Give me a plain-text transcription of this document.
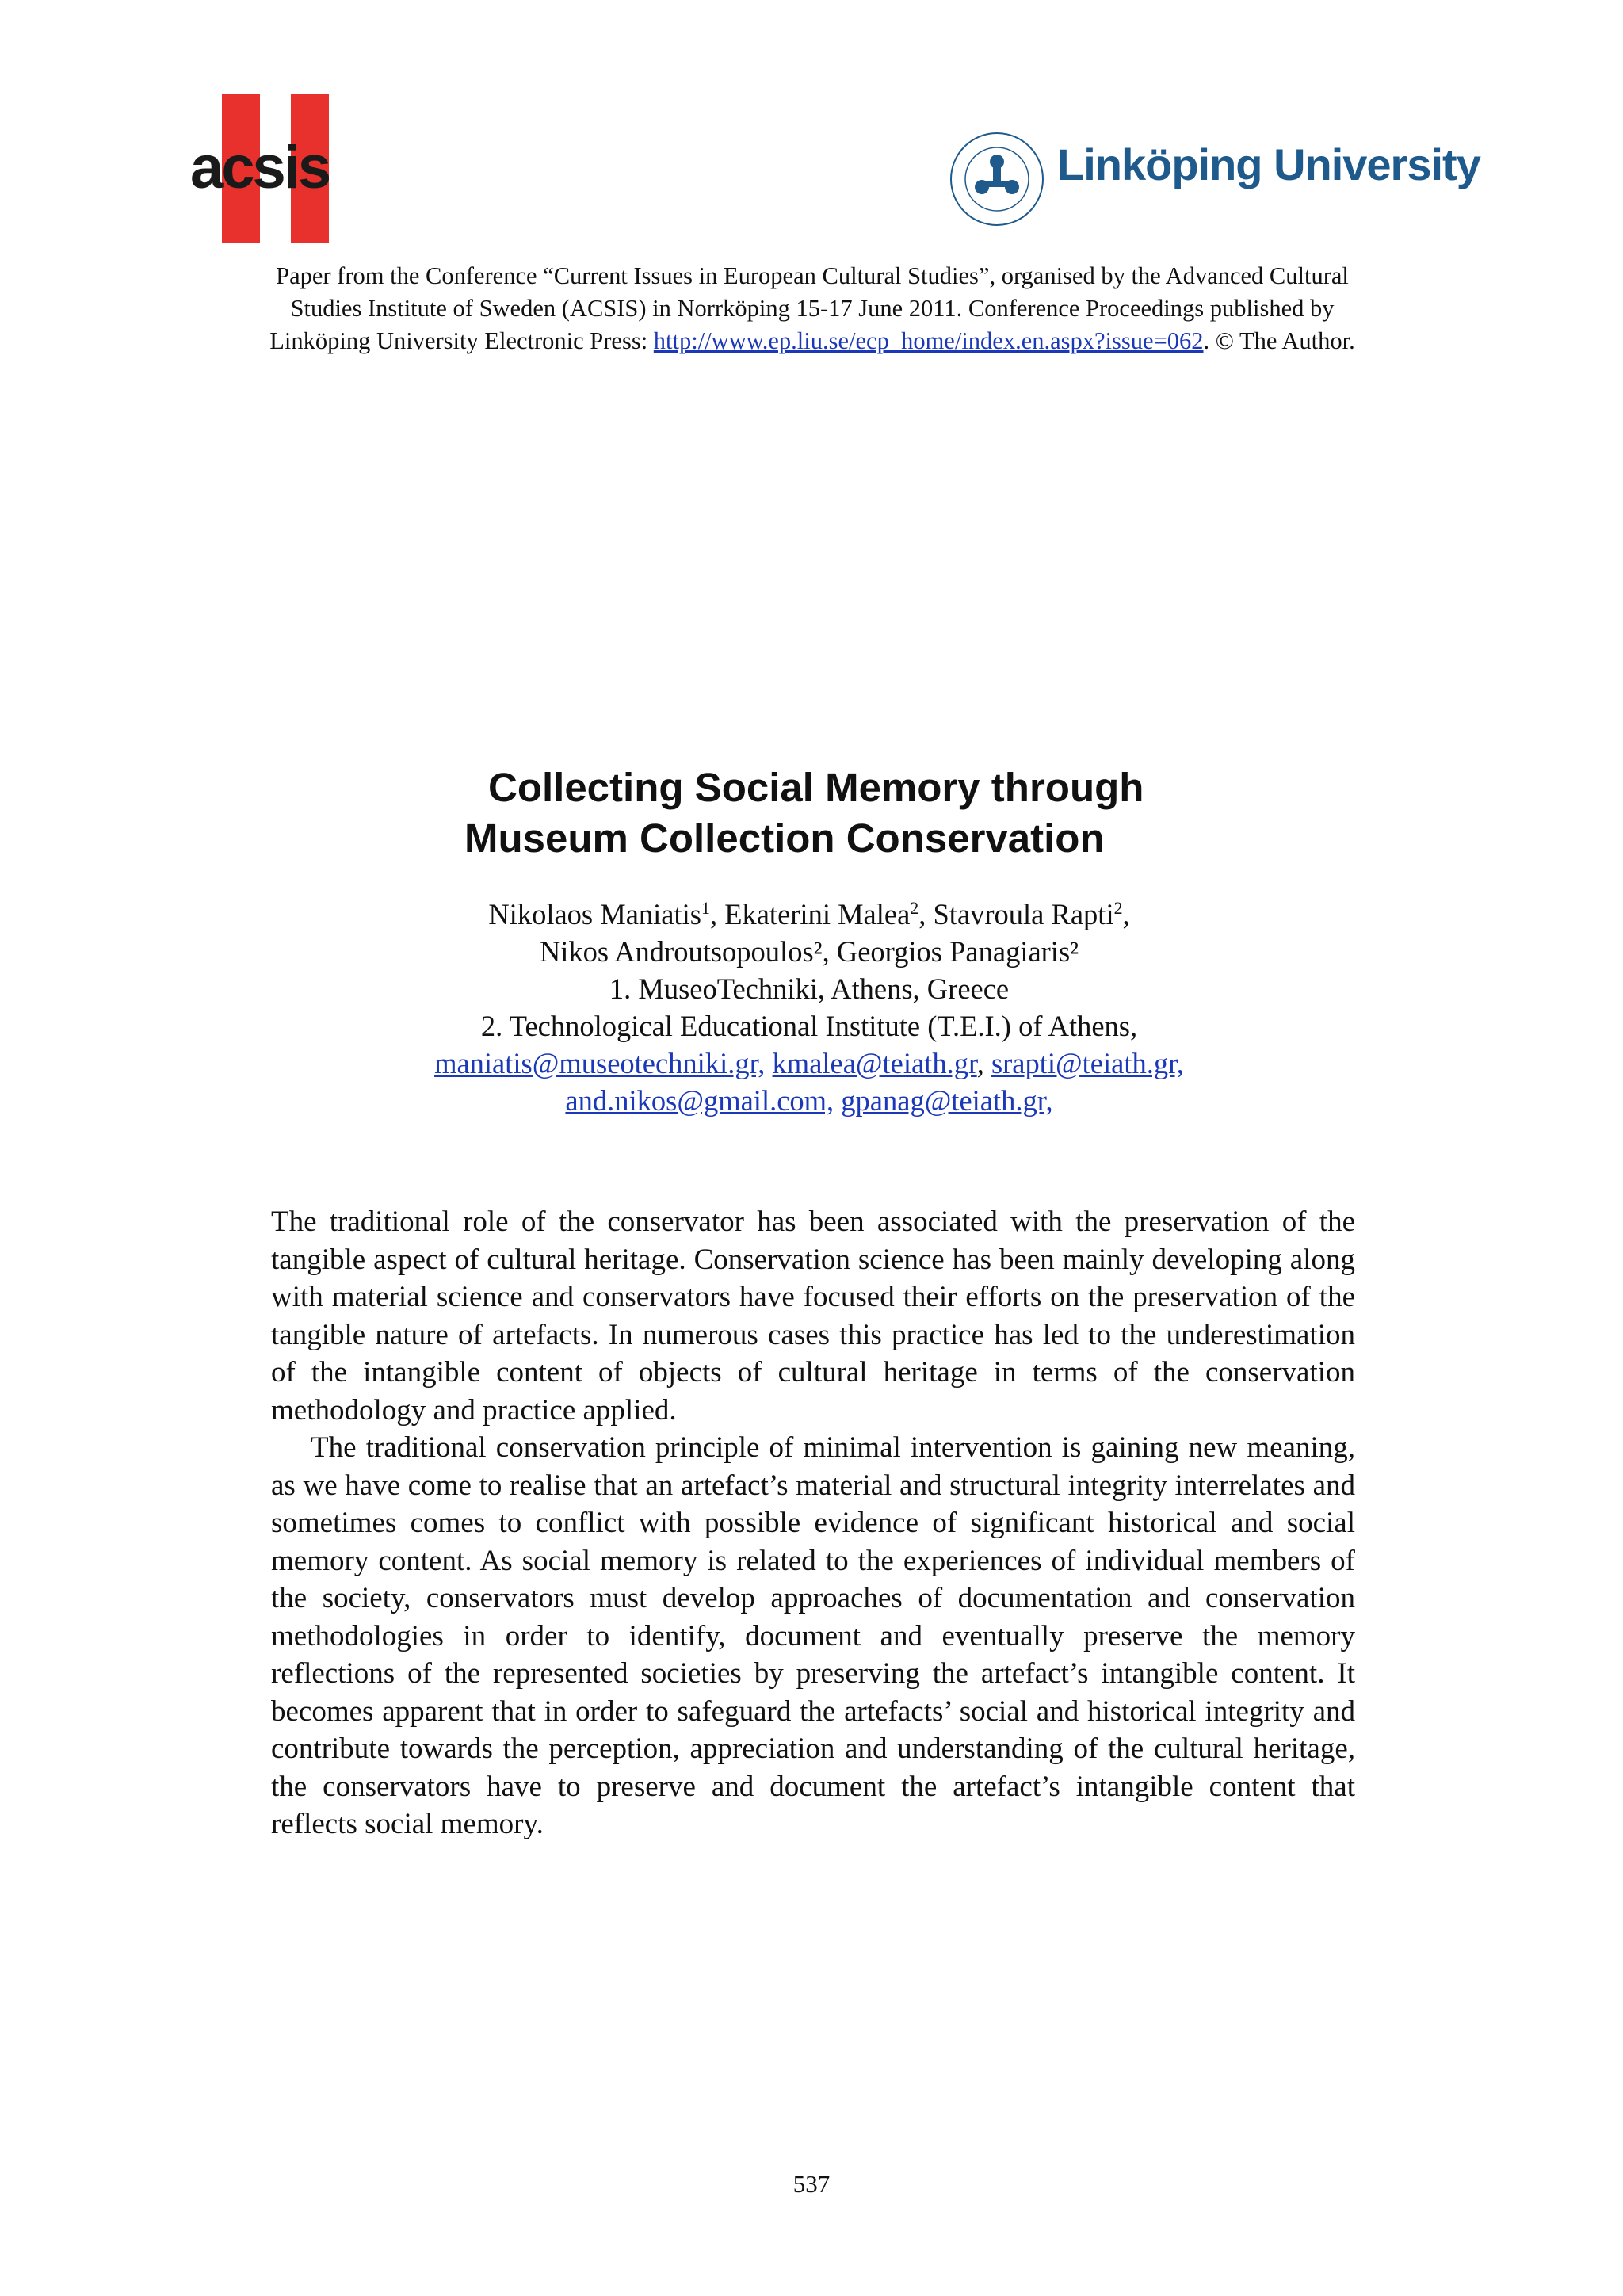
acsis	Linköping University
Paper from the Conference “Current Issues in European Cultural Studies”, organised by the Advanced Cultural
Studies Institute of Sweden (ACSIS) in Norrköping 15-17 June 2011. Conference Proceedings published by
Linköping University Electronic Press: http://www.ep.liu.se/ecp_home/index.en.aspx?issue=062. © The Author.
Collecting Social Memory through
Museum Collection Conservation
Nikolaos Maniatis$^1$, Ekaterini Malea$^2$, Stavroula Rapti$^2$,
Nikos Androutsopoulos², Georgios Panagiaris²
1. MuseoTechniki, Athens, Greece
2. Technological Educational Institute (T.E.I.) of Athens,
maniatis@museotechniki.gr, kmalea@teiath.gr, srapti@teiath.gr,
and.nikos@gmail.com, gpanag@teiath.gr,

The traditional role of the conservator has been associated with the preservation of the tangible aspect of cultural heritage. Conservation science has been mainly developing along with material science and conservators have focused their efforts on the preservation of the tangible nature of artefacts. In numerous cases this practice has led to the underestimation of the intangible content of objects of cultural heritage in terms of the conservation methodology and practice applied.

The traditional conservation principle of minimal intervention is gaining new meaning, as we have come to realise that an artefact’s material and structural integrity interrelates and sometimes comes to conflict with possible evidence of significant historical and social memory content. As social memory is related to the experiences of individual members of the society, conservators must develop approaches of documentation and conservation methodologies in order to identify, document and eventually preserve the memory reflections of the represented societies by preserving the artefact’s intangible content. It becomes apparent that in order to safeguard the artefacts’ social and historical integrity and contribute towards the perception, appreciation and understanding of the cultural heritage, the conservators have to preserve and document the artefact’s intangible content that reflects social memory.

537
